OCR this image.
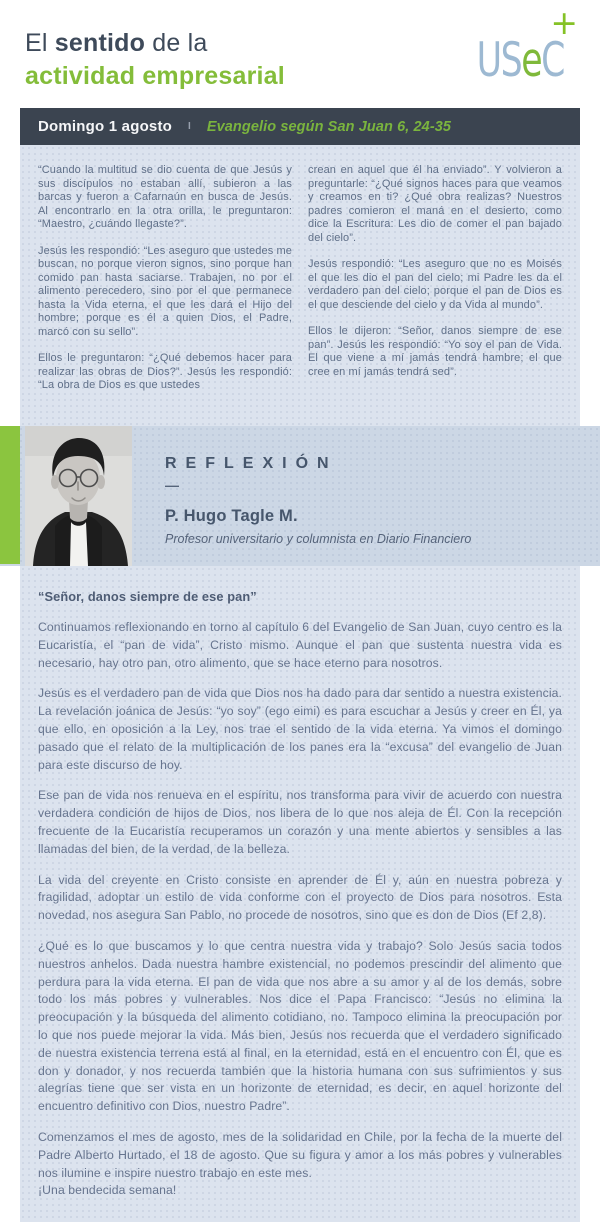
El sentido de la
actividad empresarial	USeC
+
Domingo 1 agosto I Evangelio según San Juan 6, 24-35

“Cuando la multitud se dio cuenta de que Jesús y sus discípulos no estaban allí, subieron a las barcas y fueron a Cafarnaún en busca de Jesús. Al encontrarlo en la otra orilla, le preguntaron: “Maestro, ¿cuándo llegaste?”.

Jesús les respondió: “Les aseguro que ustedes me buscan, no porque vieron signos, sino porque han comido pan hasta saciarse. Trabajen, no por el alimento perecedero, sino por el que permanece hasta la Vida eterna, el que les dará el Hijo del hombre; porque es él a quien Dios, el Padre, marcó con su sello”.

Ellos le preguntaron: “¿Qué debemos hacer para realizar las obras de Dios?”. Jesús les respondió: “La obra de Dios es que ustedes

crean en aquel que él ha enviado”. Y volvieron a preguntarle: “¿Qué signos haces para que veamos y creamos en ti? ¿Qué obra realizas? Nuestros padres comieron el maná en el desierto, como dice la Escritura: Les dio de comer el pan bajado del cielo”.

Jesús respondió: “Les aseguro que no es Moisés el que les dio el pan del cielo; mi Padre les da el verdadero pan del cielo; porque el pan de Dios es el que desciende del cielo y da Vida al mundo”.

Ellos le dijeron: “Señor, danos siempre de ese pan”. Jesús les respondió: “Yo soy el pan de Vida. El que viene a mí jamás tendrá hambre; el que cree en mí jamás tendrá sed”.

REFLEXIÓN
—
P. Hugo Tagle M.
Profesor universitario y columnista en Diario Financiero
“Señor, danos siempre de ese pan”

Continuamos reflexionando en torno al capítulo 6 del Evangelio de San Juan, cuyo centro es la Eucaristía, el “pan de vida”, Cristo mismo. Aunque el pan que sustenta nuestra vida es necesario, hay otro pan, otro alimento, que se hace eterno para nosotros.

Jesús es el verdadero pan de vida que Dios nos ha dado para dar sentido a nuestra existencia. La revelación joánica de Jesús: “yo soy” (ego eimi) es para escuchar a Jesús y creer en Él, ya que ello, en oposición a la Ley, nos trae el sentido de la vida eterna. Ya vimos el domingo pasado que el relato de la multiplicación de los panes era la “excusa” del evangelio de Juan para este discurso de hoy.

Ese pan de vida nos renueva en el espíritu, nos transforma para vivir de acuerdo con nuestra verdadera condición de hijos de Dios, nos libera de lo que nos aleja de Él. Con la recepción frecuente de la Eucaristía recuperamos un corazón y una mente abiertos y sensibles a las llamadas del bien, de la verdad, de la belleza.

La vida del creyente en Cristo consiste en aprender de Él y, aún en nuestra pobreza y fragilidad, adoptar un estilo de vida conforme con el proyecto de Dios para nosotros. Esta novedad, nos asegura San Pablo, no procede de nosotros, sino que es don de Dios (Ef 2,8).

¿Qué es lo que buscamos y lo que centra nuestra vida y trabajo? Solo Jesús sacia todos nuestros anhelos. Dada nuestra hambre existencial, no podemos prescindir del alimento que perdura para la vida eterna. El pan de vida que nos abre a su amor y al de los demás, sobre todo los más pobres y vulnerables. Nos dice el Papa Francisco: “Jesús no elimina la preocupación y la búsqueda del alimento cotidiano, no. Tampoco elimina la preocupación por lo que nos puede mejorar la vida. Más bien, Jesús nos recuerda que el verdadero significado de nuestra existencia terrena está al final, en la eternidad, está en el encuentro con Él, que es don y donador, y nos recuerda también que la historia humana con sus sufrimientos y sus alegrías tiene que ser vista en un horizonte de eternidad, es decir, en aquel horizonte del encuentro definitivo con Dios, nuestro Padre”.

Comenzamos el mes de agosto, mes de la solidaridad en Chile, por la fecha de la muerte del Padre Alberto Hurtado, el 18 de agosto. Que su figura y amor a los más pobres y vulnerables nos ilumine e inspire nuestro trabajo en este mes.

¡Una bendecida semana!
